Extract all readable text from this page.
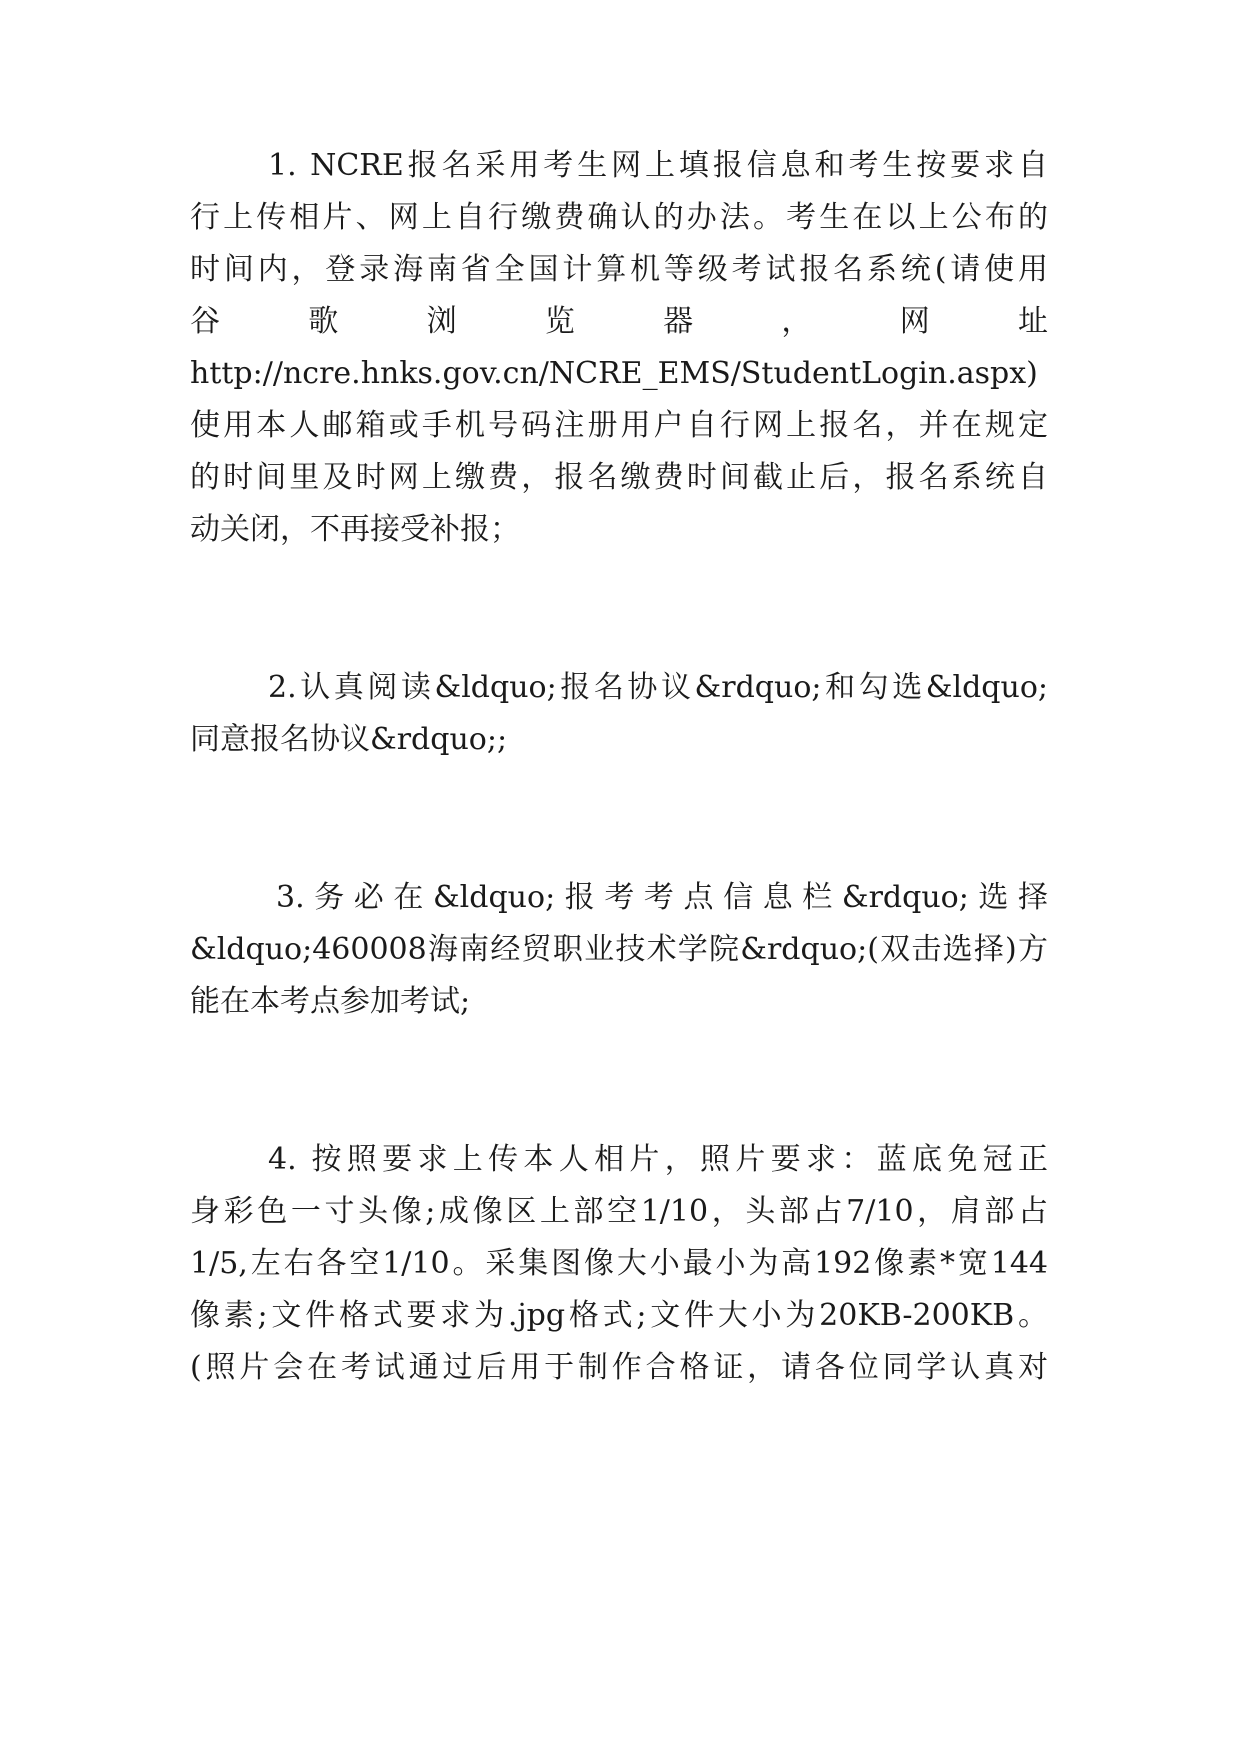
1. NCRE报名采用考生网上填报信息和考生按要求自
行上传相片、网上自行缴费确认的办法。考生在以上公布的
时间内，登录海南省全国计算机等级考试报名系统(请使用
谷	歌	浏	览	器	，	网	址
http://ncre.hnks.gov.cn/NCRE_EMS/StudentLogin.aspx)
使用本人邮箱或手机号码注册用户自行网上报名，并在规定
的时间里及时网上缴费，报名缴费时间截止后，报名系统自
动关闭，不再接受补报；
2.认真阅读&ldquo;报名协议&rdquo;和勾选&ldquo;
同意报名协议&rdquo;;
3.务必在&ldquo;报考考点信息栏&rdquo;选择
&ldquo;460008海南经贸职业技术学院&rdquo;(双击选择)方
能在本考点参加考试;
4. 按照要求上传本人相片，照片要求：蓝底免冠正
身彩色一寸头像;成像区上部空1/10，头部占7/10，肩部占
1/5,左右各空1/10。采集图像大小最小为高192像素*宽144
像素;文件格式要求为.jpg格式;文件大小为20KB-200KB。
(照片会在考试通过后用于制作合格证，请各位同学认真对
